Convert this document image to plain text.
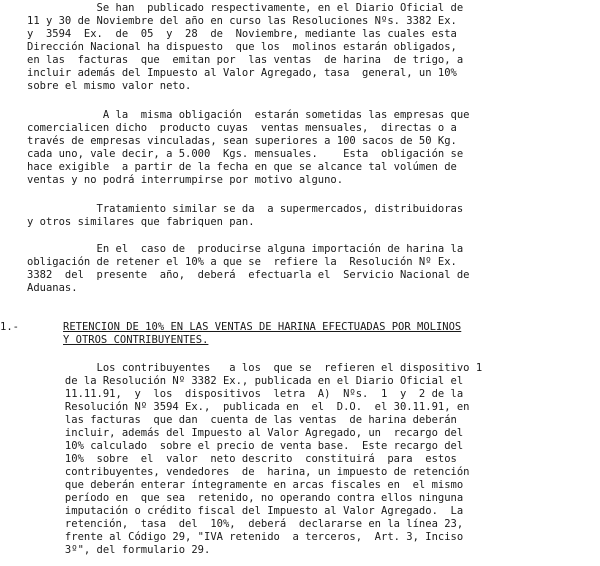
Se han  publicado respectivamente, en el Diario Oficial de
11 y 30 de Noviembre del año en curso las Resoluciones Nºs. 3382 Ex.
y  3594  Ex.  de  05  y  28  de  Noviembre, mediante las cuales esta
Dirección Nacional ha dispuesto  que los  molinos estarán obligados,
en las  facturas  que  emitan por  las ventas  de harina  de trigo, a
incluir además del Impuesto al Valor Agregado, tasa  general, un 10%
sobre el mismo valor neto.
A la  misma obligación  estarán sometidas las empresas que
comercialicen dicho  producto cuyas  ventas mensuales,  directas o a
través de empresas vinculadas, sean superiores a 100 sacos de 50 Kg.
cada uno, vale decir, a 5.000  Kgs. mensuales.    Esta  obligación se
hace exigible  a partir de la fecha en que se alcance tal volúmen de
ventas y no podrá interrumpirse por motivo alguno.
Tratamiento similar se da  a supermercados, distribuidoras
y otros similares que fabriquen pan.
En el  caso de  producirse alguna importación de harina la
obligación de retener el 10% a que se  refiere la  Resolución Nº Ex.
3382  del  presente  año,  deberá  efectuarla el  Servicio Nacional de
Aduanas.
1.-	RETENCION DE 10% EN LAS VENTAS DE HARINA EFECTUADAS POR MOLINOS
Y OTROS CONTRIBUYENTES.
Los contribuyentes   a los  que se  refieren el dispositivo 1
de la Resolución Nº 3382 Ex., publicada en el Diario Oficial el
11.11.91,  y  los  dispositivos  letra  A)  Nºs.  1  y  2 de la
Resolución Nº 3594 Ex.,  publicada en  el  D.O.  el 30.11.91, en
las facturas  que dan  cuenta de las ventas  de harina deberán
incluir, además del Impuesto al Valor Agregado, un  recargo del
10% calculado  sobre el precio de venta base.  Este recargo del
10%  sobre  el  valor  neto descrito  constituirá  para  estos
contribuyentes, vendedores  de  harina, un impuesto de retención
que deberán enterar íntegramente en arcas fiscales en  el mismo
período en  que sea  retenido, no operando contra ellos ninguna
imputación o crédito fiscal del Impuesto al Valor Agregado.  La
retención,  tasa  del  10%,  deberá  declararse en la línea 23,
frente al Código 29, "IVA retenido  a terceros,  Art. 3, Inciso
3º", del formulario 29.
